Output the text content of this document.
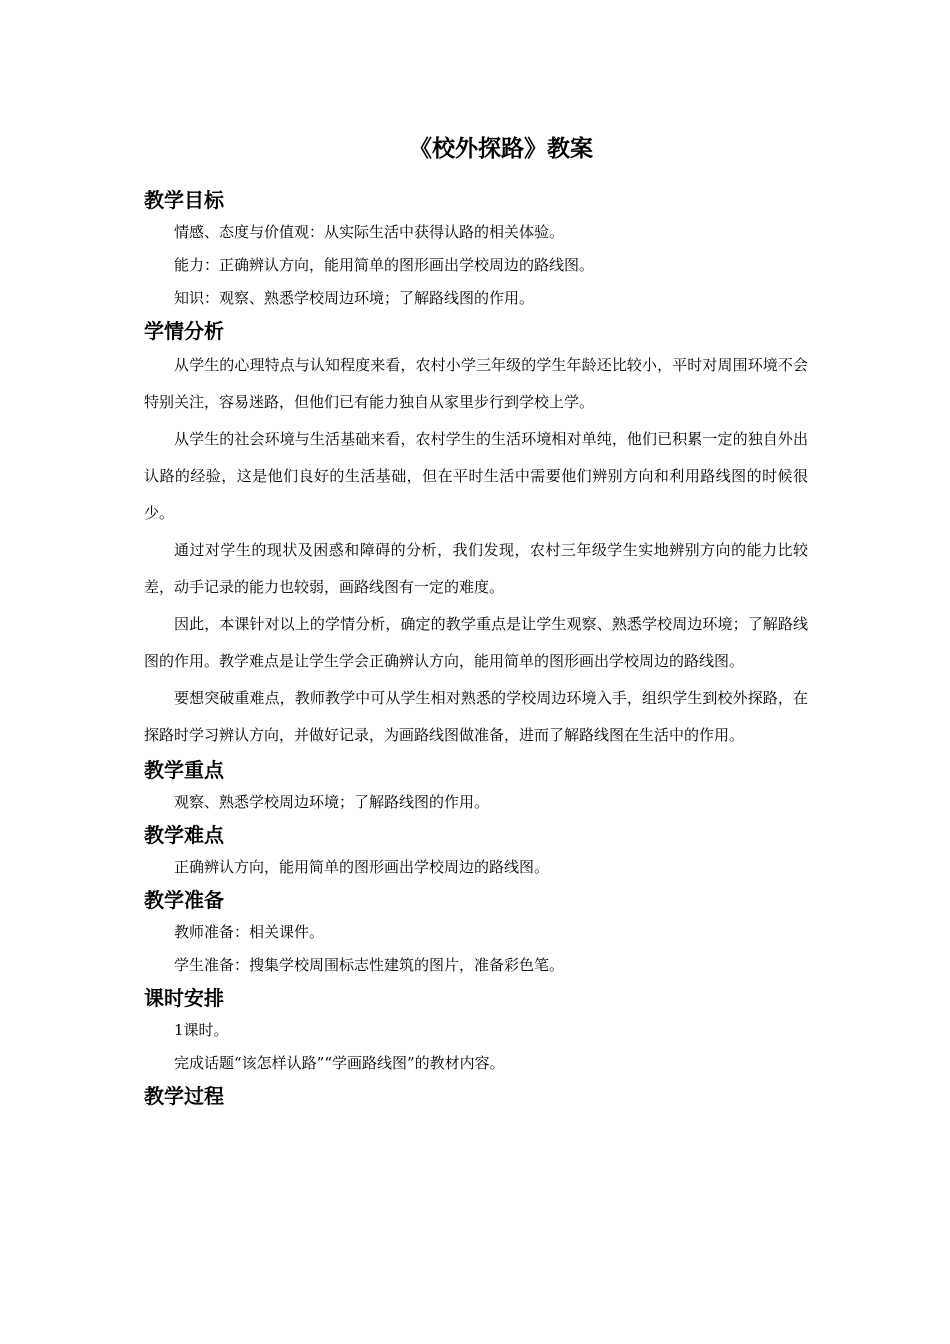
《校外探路》教案
教学目标

情感、态度与价值观：从实际生活中获得认路的相关体验。

能力：正确辨认方向，能用简单的图形画出学校周边的路线图。

知识：观察、熟悉学校周边环境；了解路线图的作用。

学情分析

从学生的心理特点与认知程度来看，农村小学三年级的学生年龄还比较小，平时对周围环境不会特别关注，容易迷路，但他们已有能力独自从家里步行到学校上学。

从学生的社会环境与生活基础来看，农村学生的生活环境相对单纯，他们已积累一定的独自外出认路的经验，这是他们良好的生活基础，但在平时生活中需要他们辨别方向和利用路线图的时候很少。

通过对学生的现状及困惑和障碍的分析，我们发现，农村三年级学生实地辨别方向的能力比较差，动手记录的能力也较弱，画路线图有一定的难度。

因此，本课针对以上的学情分析，确定的教学重点是让学生观察、熟悉学校周边环境；了解路线图的作用。教学难点是让学生学会正确辨认方向，能用简单的图形画出学校周边的路线图。

要想突破重难点，教师教学中可从学生相对熟悉的学校周边环境入手，组织学生到校外探路，在探路时学习辨认方向，并做好记录，为画路线图做准备，进而了解路线图在生活中的作用。

教学重点

观察、熟悉学校周边环境；了解路线图的作用。

教学难点

正确辨认方向，能用简单的图形画出学校周边的路线图。

教学准备

教师准备：相关课件。

学生准备：搜集学校周围标志性建筑的图片，准备彩色笔。

课时安排

1课时。

完成话题“该怎样认路”“学画路线图”的教材内容。

教学过程
